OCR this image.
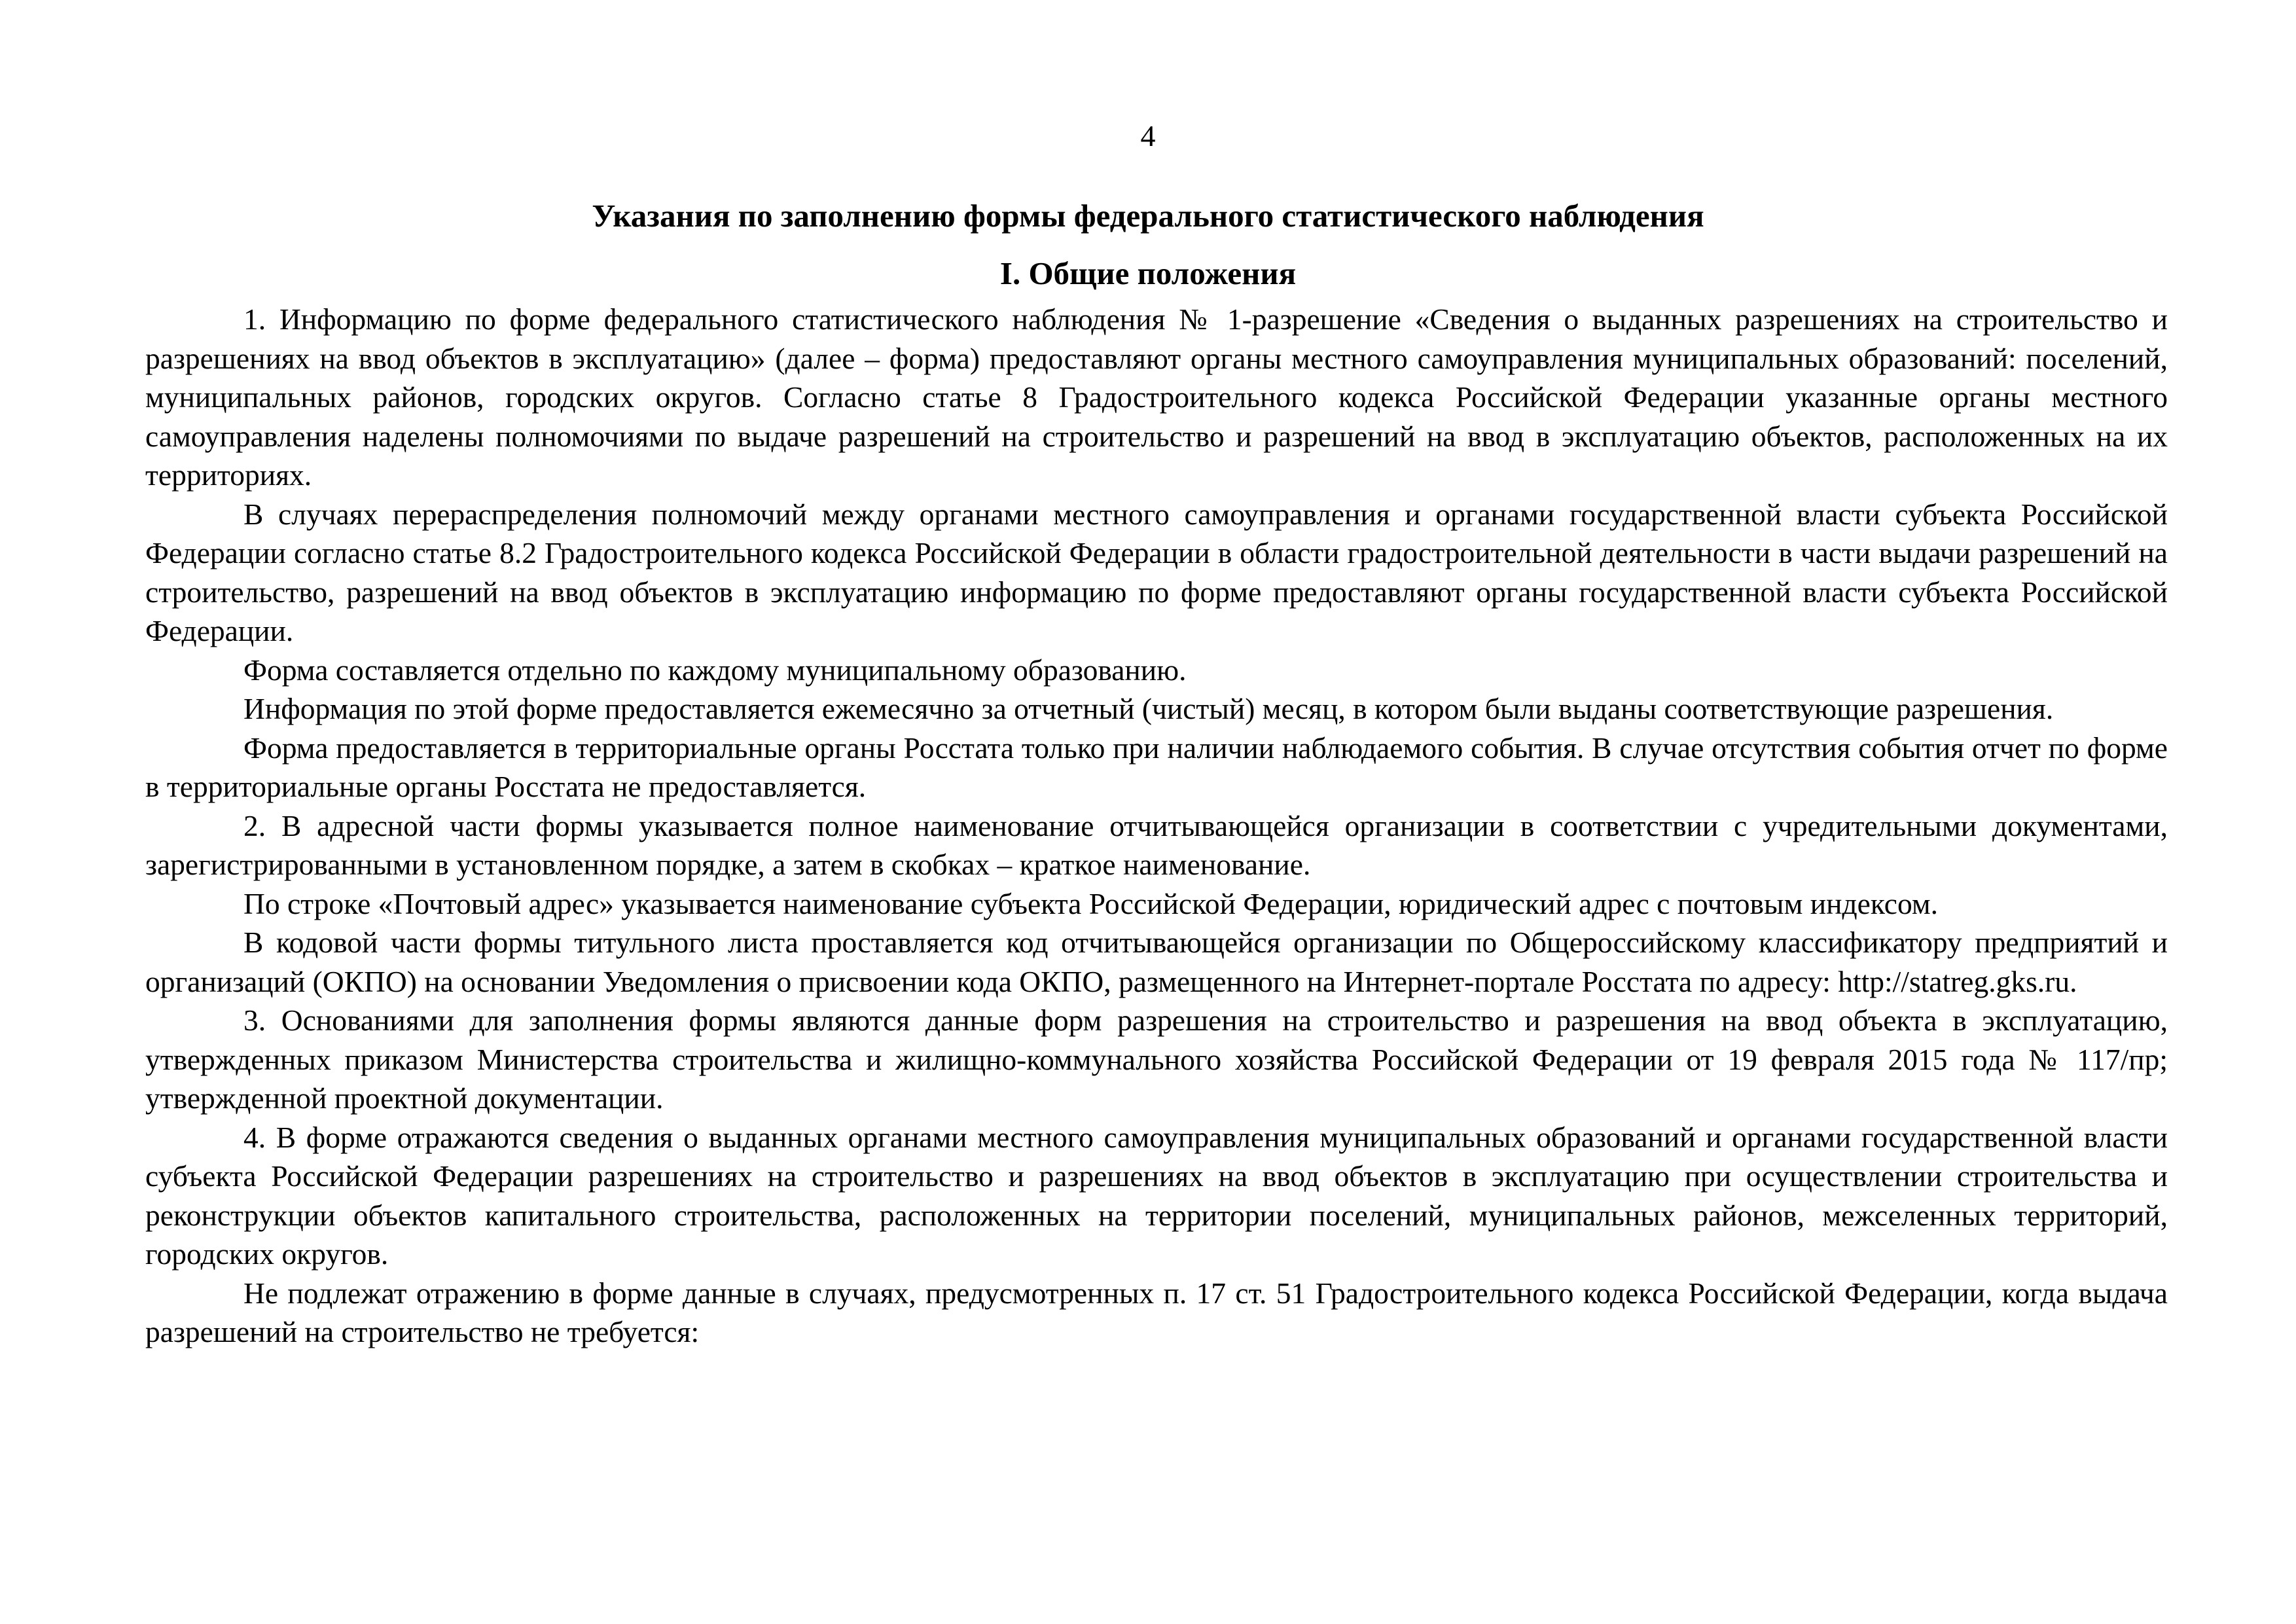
4
Указания по заполнению формы федерального статистического наблюдения
I. Общие положения

1. Информацию по форме федерального статистического наблюдения № 1-разрешение «Сведения о выданных разрешениях на строительство и разрешениях на ввод объектов в эксплуатацию» (далее – форма) предоставляют органы местного самоуправления муниципальных образований: поселений, муниципальных районов, городских округов. Согласно статье 8 Градостроительного кодекса Российской Федерации указанные органы местного самоуправления наделены полномочиями по выдаче разрешений на строительство и разрешений на ввод в эксплуатацию объектов, расположенных на их территориях.

В случаях перераспределения полномочий между органами местного самоуправления и органами государственной власти субъекта Российской Федерации согласно статье 8.2 Градостроительного кодекса Российской Федерации в области градостроительной деятельности в части выдачи разрешений на строительство, разрешений на ввод объектов в эксплуатацию информацию по форме предоставляют органы государственной власти субъекта Российской Федерации.

Форма составляется отдельно по каждому муниципальному образованию.

Информация по этой форме предоставляется ежемесячно за отчетный (чистый) месяц, в котором были выданы соответствующие разрешения.

Форма предоставляется в территориальные органы Росстата только при наличии наблюдаемого события. В случае отсутствия события отчет по форме в территориальные органы Росстата не предоставляется.

2. В адресной части формы указывается полное наименование отчитывающейся организации в соответствии с учредительными документами, зарегистрированными в установленном порядке, а затем в скобках – краткое наименование.

По строке «Почтовый адрес» указывается наименование субъекта Российской Федерации, юридический адрес с почтовым индексом.

В кодовой части формы титульного листа проставляется код отчитывающейся организации по Общероссийскому классификатору предприятий и организаций (ОКПО) на основании Уведомления о присвоении кода ОКПО, размещенного на Интернет-портале Росстата по адресу: http://statreg.gks.ru.

3. Основаниями для заполнения формы являются данные форм разрешения на строительство и разрешения на ввод объекта в эксплуатацию, утвержденных приказом Министерства строительства и жилищно-коммунального хозяйства Российской Федерации от 19 февраля 2015 года № 117/пр; утвержденной проектной документации.

4. В форме отражаются сведения о выданных органами местного самоуправления муниципальных образований и органами государственной власти субъекта Российской Федерации разрешениях на строительство и разрешениях на ввод объектов в эксплуатацию при осуществлении строительства и реконструкции объектов капитального строительства, расположенных на территории поселений, муниципальных районов, межселенных территорий, городских округов.

Не подлежат отражению в форме данные в случаях, предусмотренных п. 17 ст. 51 Градостроительного кодекса Российской Федерации, когда выдача разрешений на строительство не требуется:
